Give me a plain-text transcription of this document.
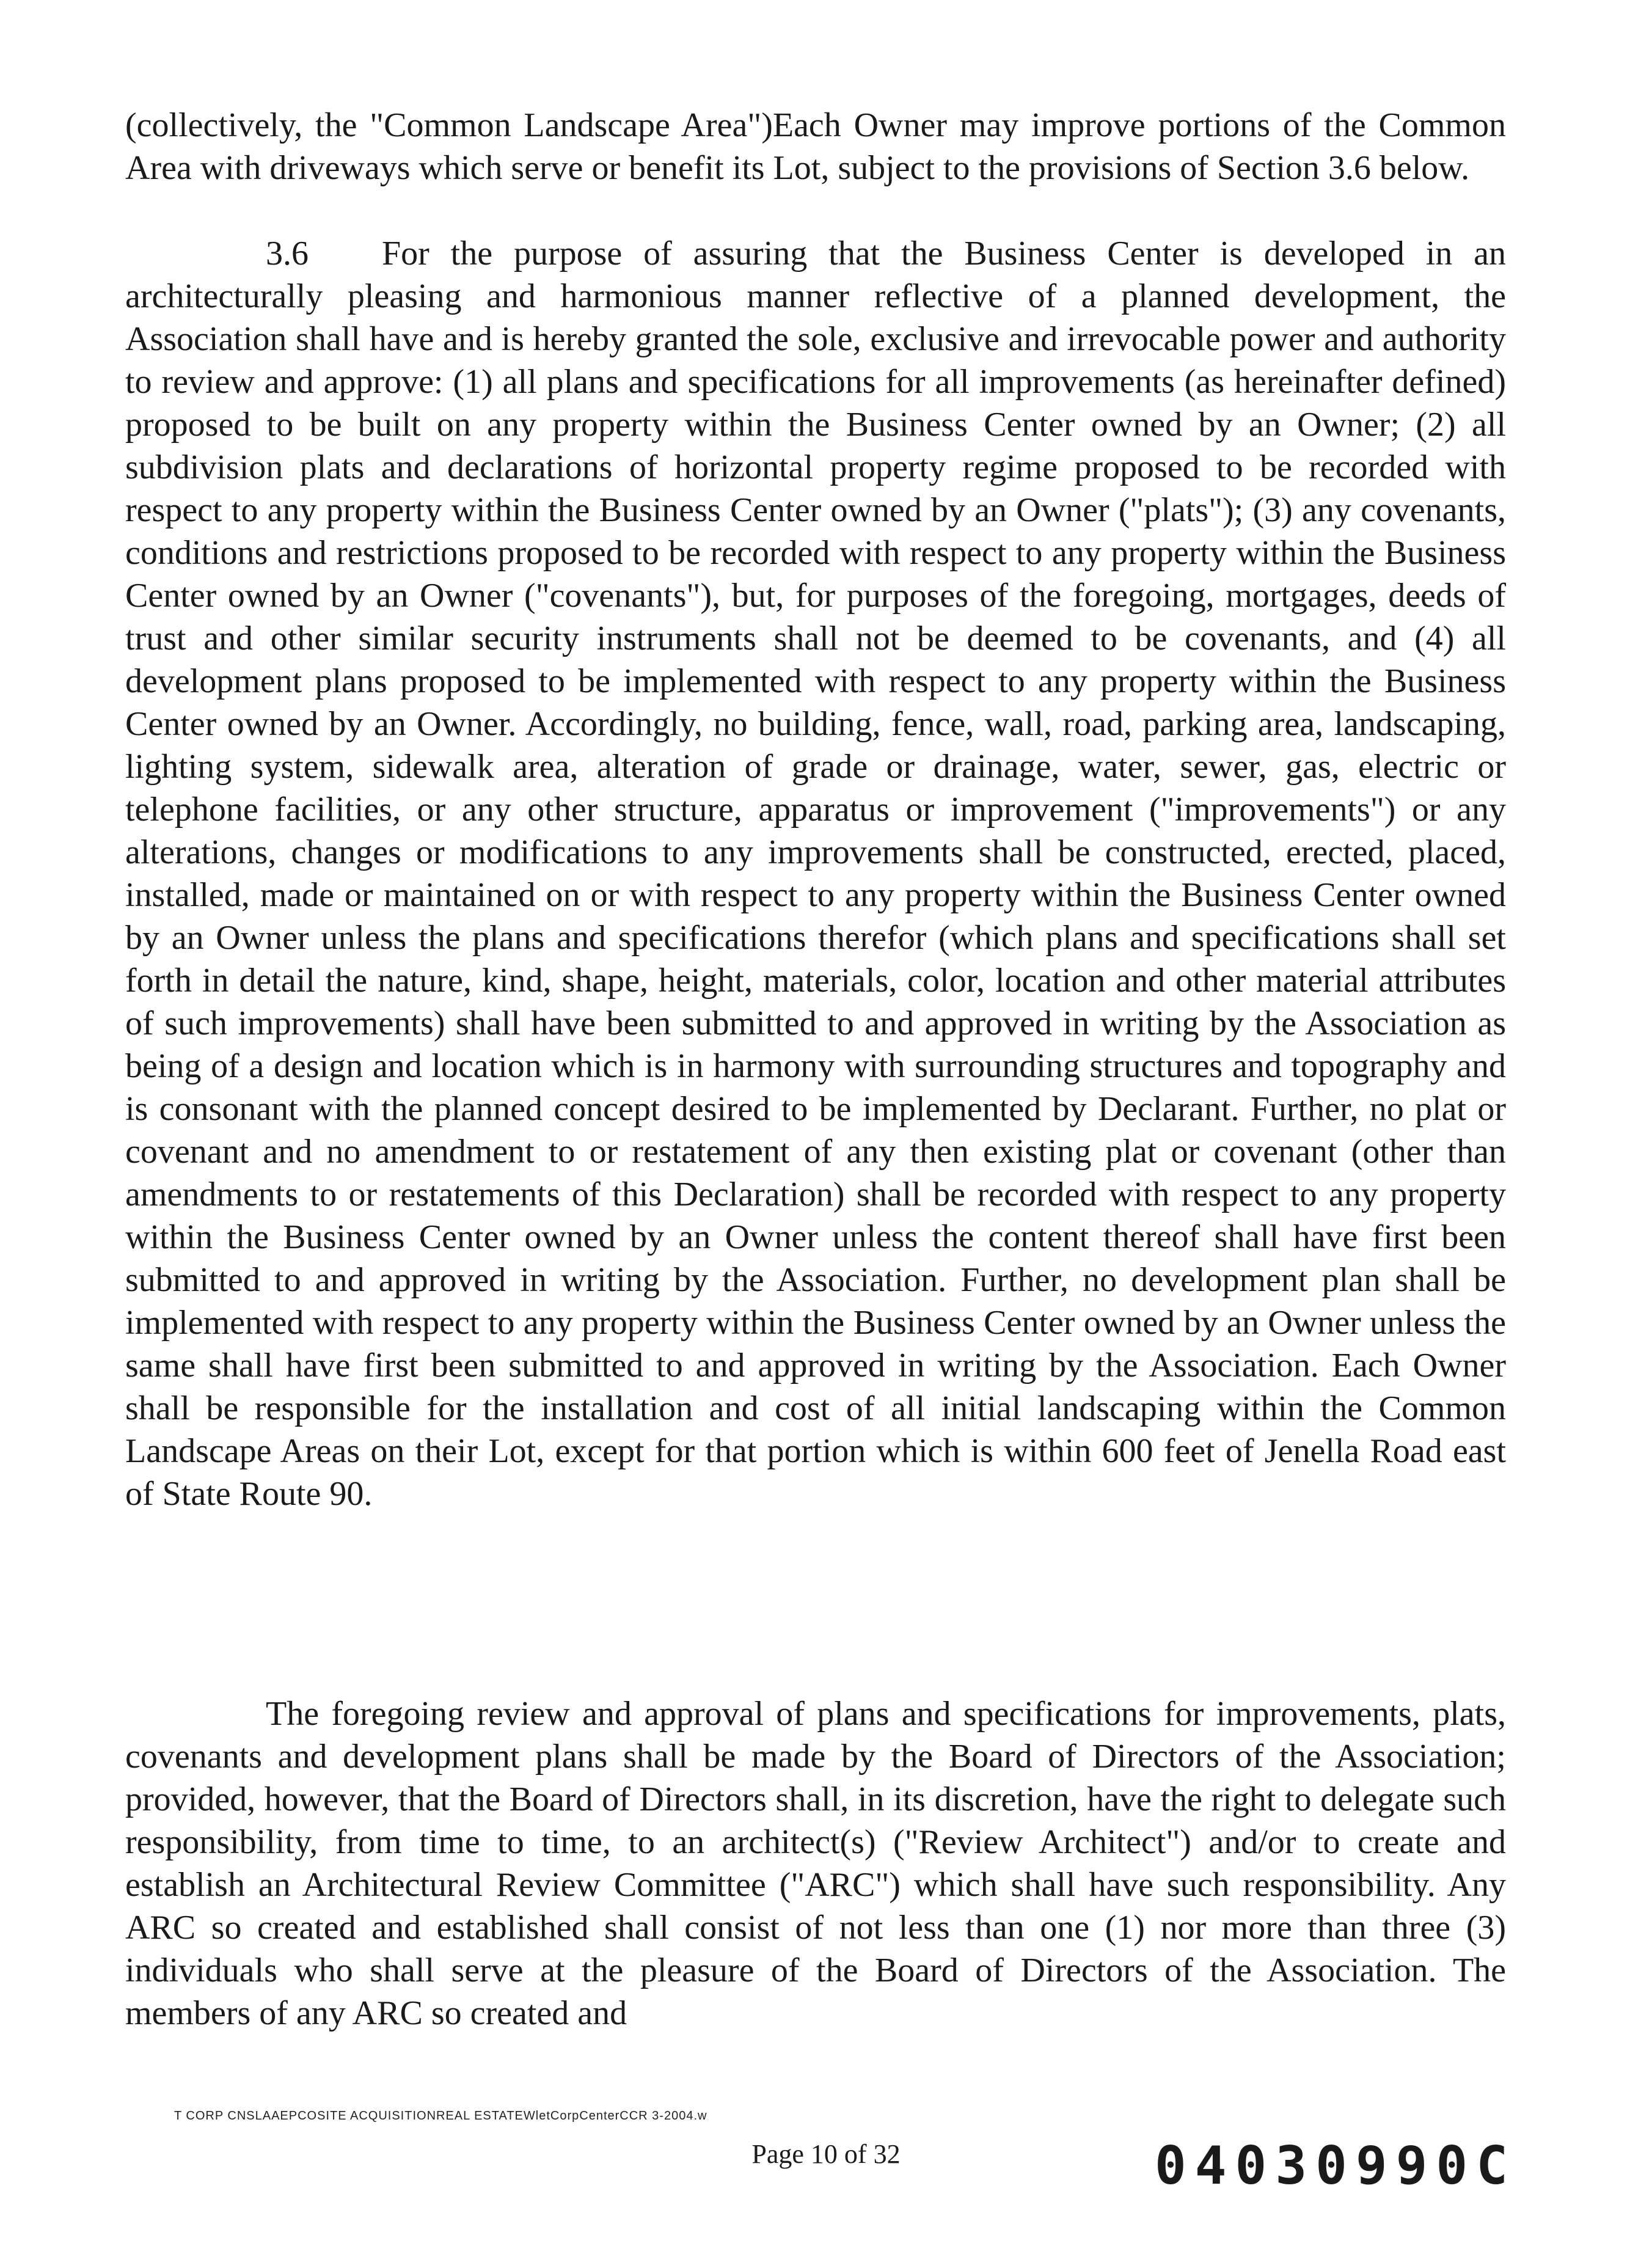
(collectively, the "Common Landscape Area")Each Owner may improve portions of the Common Area with driveways which serve or benefit its Lot, subject to the provisions of Section 3.6 below.

3.6 For the purpose of assuring that the Business Center is developed in an architecturally pleasing and harmonious manner reflective of a planned development, the Association shall have and is hereby granted the sole, exclusive and irrevocable power and authority to review and approve: (1) all plans and specifications for all improvements (as hereinafter defined) proposed to be built on any property within the Business Center owned by an Owner; (2) all subdivision plats and declarations of horizontal property regime proposed to be recorded with respect to any property within the Business Center owned by an Owner ("plats"); (3) any covenants, conditions and restrictions proposed to be recorded with respect to any property within the Business Center owned by an Owner ("covenants"), but, for purposes of the foregoing, mortgages, deeds of trust and other similar security instruments shall not be deemed to be covenants, and (4) all development plans proposed to be implemented with respect to any property within the Business Center owned by an Owner. Accordingly, no building, fence, wall, road, parking area, landscaping, lighting system, sidewalk area, alteration of grade or drainage, water, sewer, gas, electric or telephone facilities, or any other structure, apparatus or improvement ("improvements") or any alterations, changes or modifications to any improvements shall be constructed, erected, placed, installed, made or maintained on or with respect to any property within the Business Center owned by an Owner unless the plans and specifications therefor (which plans and specifications shall set forth in detail the nature, kind, shape, height, materials, color, location and other material attributes of such improvements) shall have been submitted to and approved in writing by the Association as being of a design and location which is in harmony with surrounding structures and topography and is consonant with the planned concept desired to be implemented by Declarant. Further, no plat or covenant and no amendment to or restatement of any then existing plat or covenant (other than amendments to or restatements of this Declaration) shall be recorded with respect to any property within the Business Center owned by an Owner unless the content thereof shall have first been submitted to and approved in writing by the Association. Further, no development plan shall be implemented with respect to any property within the Business Center owned by an Owner unless the same shall have first been submitted to and approved in writing by the Association. Each Owner shall be responsible for the installation and cost of all initial landscaping within the Common Landscape Areas on their Lot, except for that portion which is within 600 feet of Jenella Road east of State Route 90.

The foregoing review and approval of plans and specifications for improvements, plats, covenants and development plans shall be made by the Board of Directors of the Association; provided, however, that the Board of Directors shall, in its discretion, have the right to delegate such responsibility, from time to time, to an architect(s) ("Review Architect") and/or to create and establish an Architectural Review Committee ("ARC") which shall have such responsibility. Any ARC so created and established shall consist of not less than one (1) nor more than three (3) individuals who shall serve at the pleasure of the Board of Directors of the Association. The members of any ARC so created and

T CORP CNSLAAEPCOSITE ACQUISITIONREAL ESTATEWletCorpCenterCCR 3-2004.w
Page 10 of 32	04030990C
